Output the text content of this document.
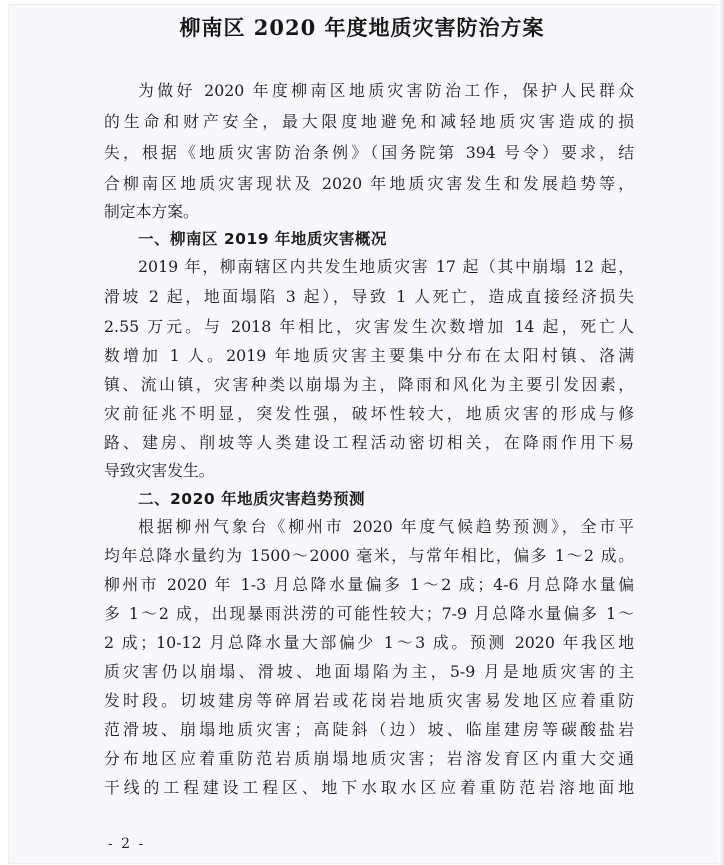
柳南区 2020 年度地质灾害防治方案
为做好 2020 年度柳南区地质灾害防治工作，保护人民群众
的生命和财产安全，最大限度地避免和减轻地质灾害造成的损
失，根据《地质灾害防治条例》（国务院第 394 号令）要求，结
合柳南区地质灾害现状及 2020 年地质灾害发生和发展趋势等，
制定本方案。
一、柳南区 2019 年地质灾害概况
2019 年，柳南辖区内共发生地质灾害 17 起（其中崩塌 12 起，
滑坡 2 起，地面塌陷 3 起），导致 1 人死亡，造成直接经济损失
2.55 万元。与 2018 年相比，灾害发生次数增加 14 起，死亡人
数增加 1 人。2019 年地质灾害主要集中分布在太阳村镇、洛满
镇、流山镇，灾害种类以崩塌为主，降雨和风化为主要引发因素，
灾前征兆不明显，突发性强，破坏性较大，地质灾害的形成与修
路、建房、削坡等人类建设工程活动密切相关，在降雨作用下易
导致灾害发生。
二、2020 年地质灾害趋势预测
根据柳州气象台《柳州市 2020 年度气候趋势预测》，全市平
均年总降水量约为 1500～2000 毫米，与常年相比，偏多 1～2 成。
柳州市 2020 年 1-3 月总降水量偏多 1～2 成；4-6 月总降水量偏
多 1～2 成，出现暴雨洪涝的可能性较大；7-9 月总降水量偏多 1～
2 成；10-12 月总降水量大部偏少 1～3 成。预测 2020 年我区地
质灾害仍以崩塌、滑坡、地面塌陷为主，5-9 月是地质灾害的主
发时段。切坡建房等碎屑岩或花岗岩地质灾害易发地区应着重防
范滑坡、崩塌地质灾害；高陡斜（边）坡、临崖建房等碳酸盐岩
分布地区应着重防范岩质崩塌地质灾害；岩溶发育区内重大交通
干线的工程建设工程区、地下水取水区应着重防范岩溶地面地
- 2 -
